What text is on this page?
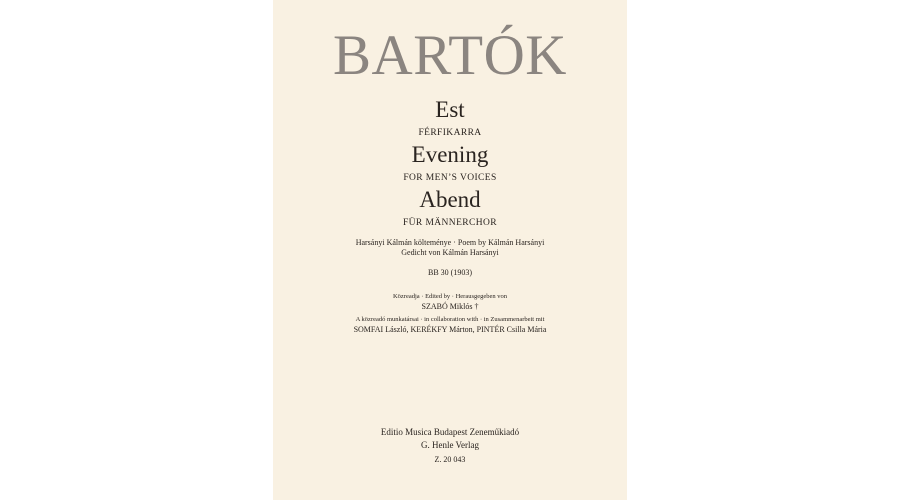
BARTÓK
Est
FÉRFIKARRA
Evening
FOR MEN’S VOICES
Abend
FÜR MÄNNERCHOR
Harsányi Kálmán költeménye · Poem by Kálmán Harsányi
Gedicht von Kálmán Harsányi
BB 30 (1903)
Közreadja · Edited by · Herausgegeben von
SZABÓ Miklós †
A közreadó munkatársai · in collaboration with · in Zusammenarbeit mit
SOMFAI László, KERÉKFY Márton, PINTÉR Csilla Mária
Editio Musica Budapest Zeneműkiadó
G. Henle Verlag
Z. 20 043
